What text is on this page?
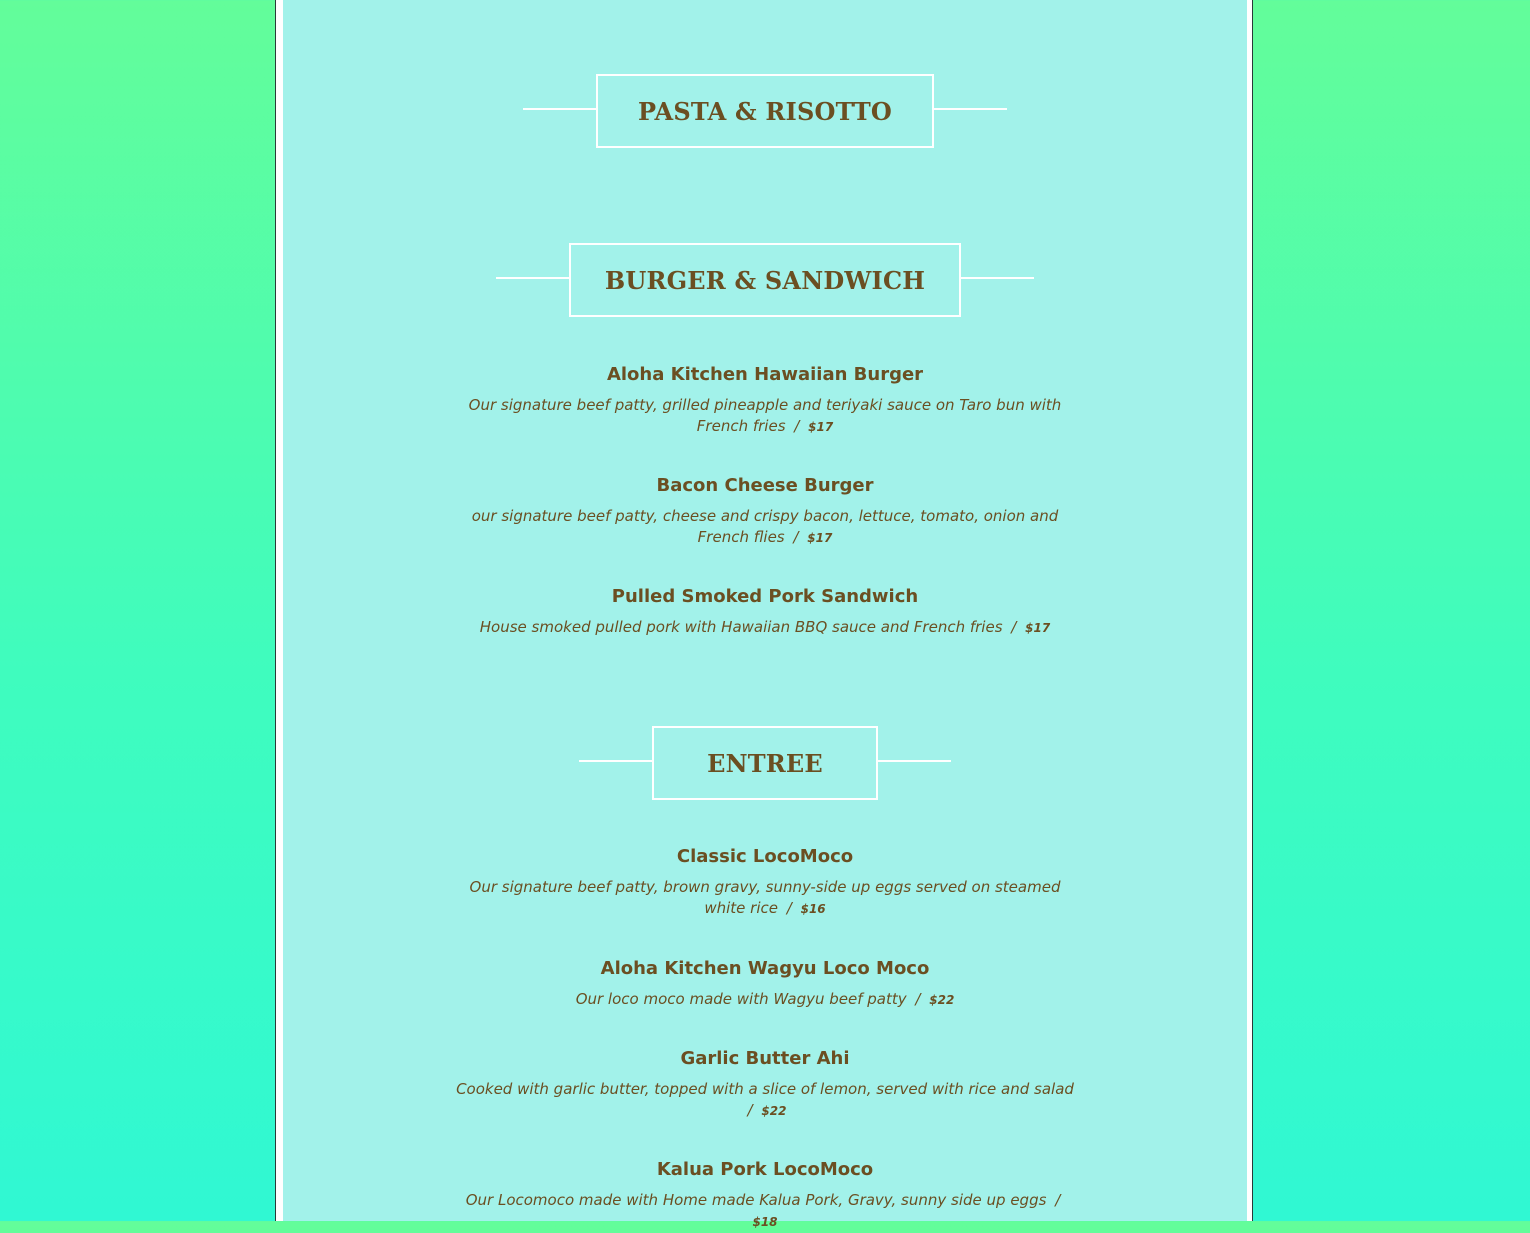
PASTA & RISOTTO
BURGER & SANDWICH

Aloha Kitchen Hawaiian Burger

Our signature beef patty, grilled pineapple and teriyaki sauce on Taro bun with French fries / $17

Bacon Cheese Burger

our signature beef patty, cheese and crispy bacon, lettuce, tomato, onion and French flies / $17

Pulled Smoked Pork Sandwich

House smoked pulled pork with Hawaiian BBQ sauce and French fries / $17

ENTREE

Classic LocoMoco

Our signature beef patty, brown gravy, sunny-side up eggs served on steamed white rice / $16

Aloha Kitchen Wagyu Loco Moco

Our loco moco made with Wagyu beef patty / $22

Garlic Butter Ahi

Cooked with garlic butter, topped with a slice of lemon, served with rice and salad / $22

Kalua Pork LocoMoco

Our Locomoco made with Home made Kalua Pork, Gravy, sunny side up eggs / $18
